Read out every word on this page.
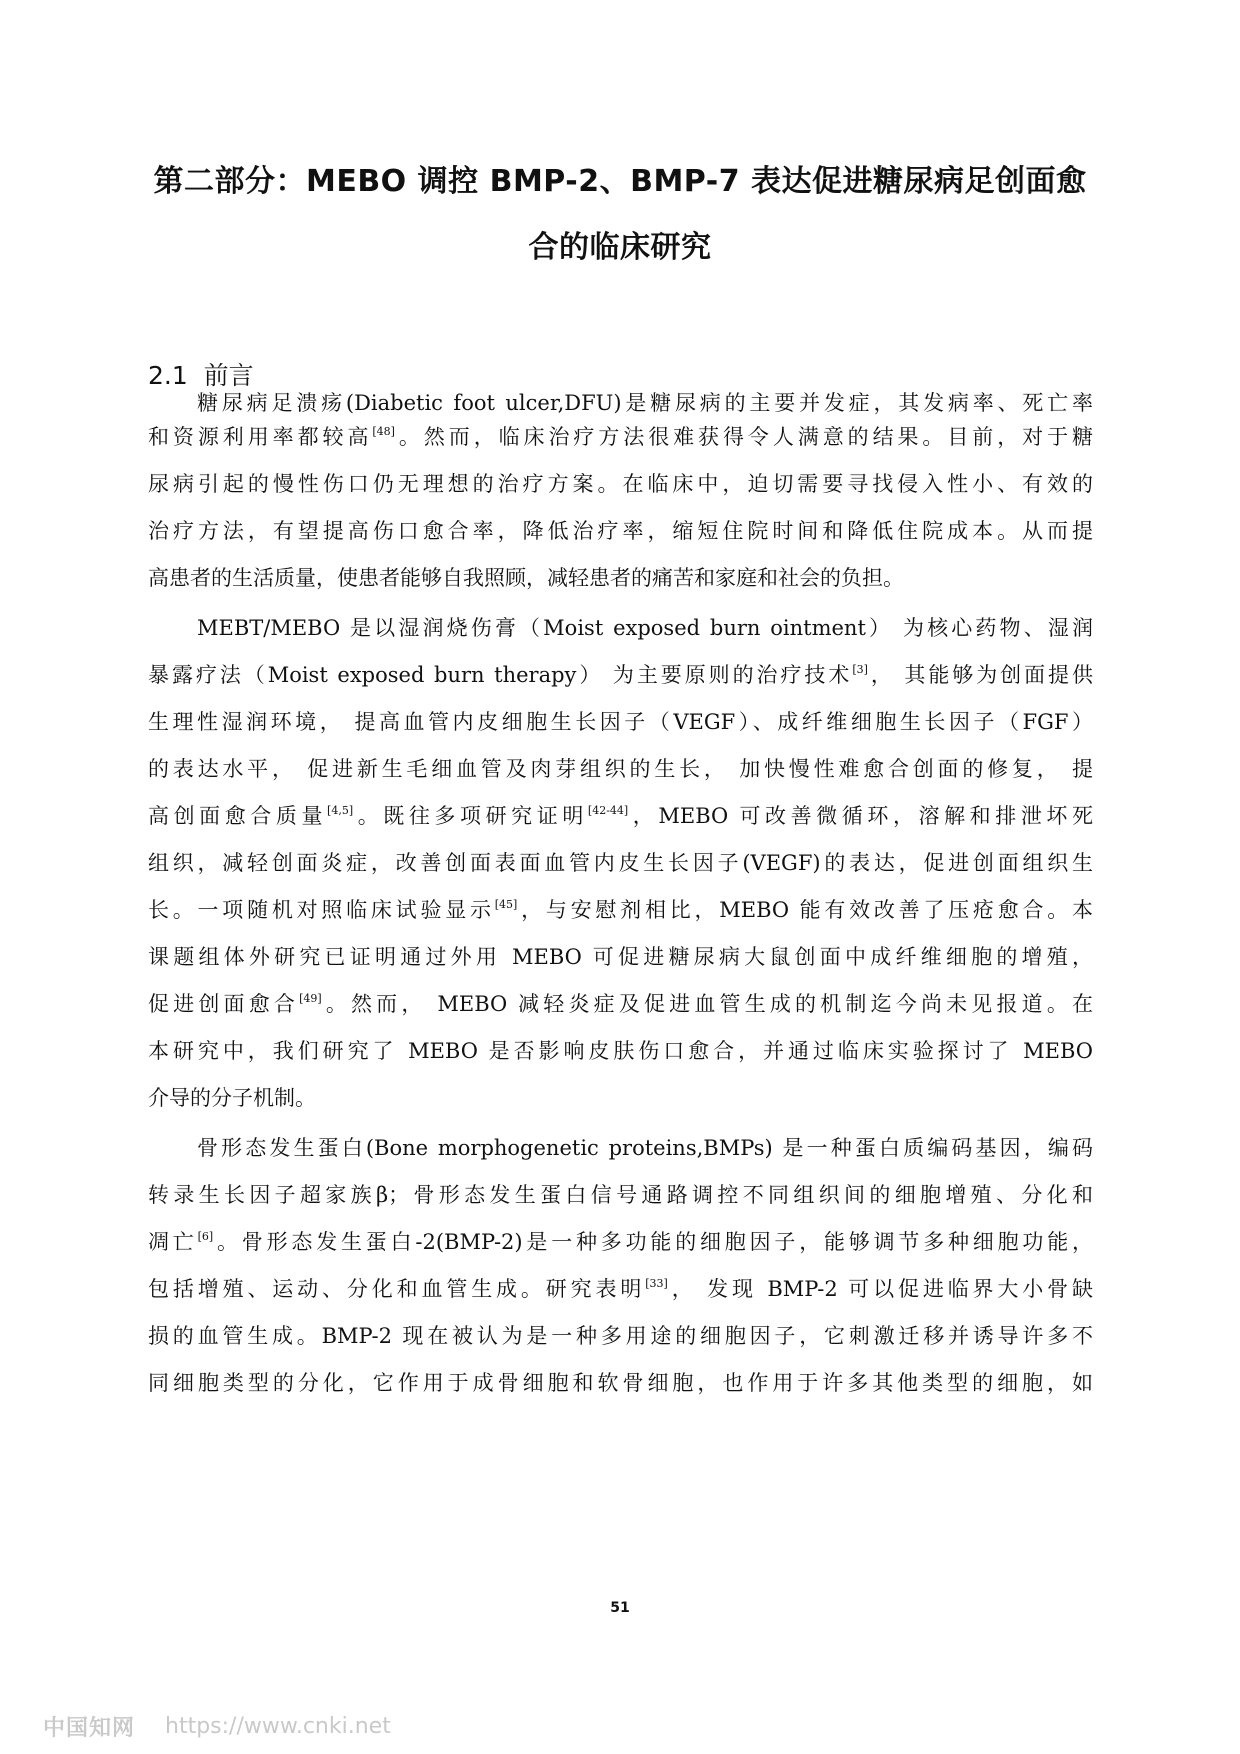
第二部分：MEBO 调控 BMP-2、BMP-7 表达促进糖尿病足创面愈
合的临床研究
2.1 前言

糖尿病足溃疡(Diabetic foot ulcer,DFU)是糖尿病的主要并发症，其发病率、死亡率

和资源利用率都较高[48]。然而，临床治疗方法很难获得令人满意的结果。目前，对于糖

尿病引起的慢性伤口仍无理想的治疗方案。在临床中，迫切需要寻找侵入性小、有效的

治疗方法，有望提高伤口愈合率，降低治疗率，缩短住院时间和降低住院成本。从而提

高患者的生活质量，使患者能够自我照顾，减轻患者的痛苦和家庭和社会的负担。

MEBT/MEBO 是以湿润烧伤膏（Moist exposed burn ointment） 为核心药物、湿润

暴露疗法（Moist exposed burn therapy） 为主要原则的治疗技术[3]， 其能够为创面提供

生理性湿润环境， 提高血管内皮细胞生长因子（VEGF）、成纤维细胞生长因子（FGF）

的表达水平， 促进新生毛细血管及肉芽组织的生长， 加快慢性难愈合创面的修复， 提

高创面愈合质量[4,5]。既往多项研究证明[42-44]，MEBO 可改善微循环，溶解和排泄坏死

组织，减轻创面炎症，改善创面表面血管内皮生长因子(VEGF)的表达，促进创面组织生

长。一项随机对照临床试验显示[45]，与安慰剂相比，MEBO 能有效改善了压疮愈合。本

课题组体外研究已证明通过外用 MEBO 可促进糖尿病大鼠创面中成纤维细胞的增殖，

促进创面愈合[49]。然而， MEBO 减轻炎症及促进血管生成的机制迄今尚未见报道。在

本研究中，我们研究了 MEBO 是否影响皮肤伤口愈合，并通过临床实验探讨了 MEBO

介导的分子机制。

骨形态发生蛋白(Bone morphogenetic proteins,BMPs) 是一种蛋白质编码基因，编码

转录生长因子超家族β；骨形态发生蛋白信号通路调控不同组织间的细胞增殖、分化和

凋亡[6]。骨形态发生蛋白-2(BMP-2)是一种多功能的细胞因子，能够调节多种细胞功能，

包括增殖、运动、分化和血管生成。研究表明[33]， 发现 BMP-2 可以促进临界大小骨缺

损的血管生成。BMP-2 现在被认为是一种多用途的细胞因子，它刺激迁移并诱导许多不

同细胞类型的分化，它作用于成骨细胞和软骨细胞，也作用于许多其他类型的细胞，如

51
中国知网 https://www.cnki.net
